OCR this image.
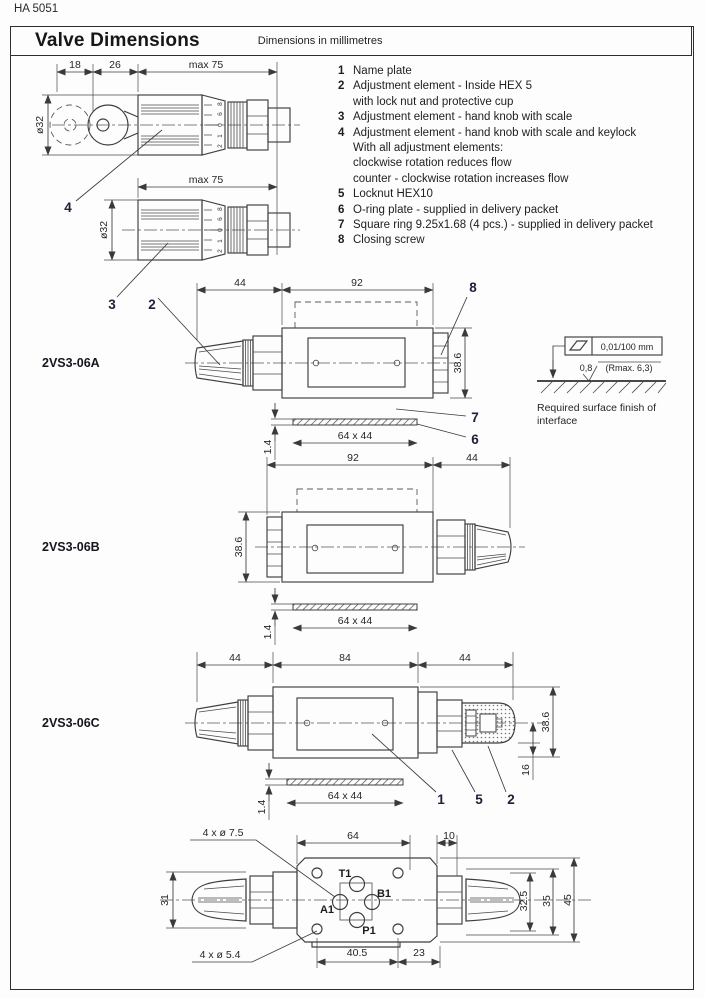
HA 5051
Valve Dimensions	Dimensions in millimetres
8
6
0
1
2
18	26	max 75
ø32
4	8
6
0
1
2
max 75
ø32
3
2VS3-06A
44	92
38.6
2
8
1.4
64 x 44
7
6
0,01/100 mm
0,8 (Rmax. 6,3)
Required surface finish of
interface
2VS3-06B
92	44
38.6
1.4
64 x 44
2VS3-06C
44	84	44
38.6
16
1 5 2
1.4
64 x 44
T1
B1
A1
P1
4 x ø 7.5
4 x ø 5.4
64	10
31	32.5 35 45
40.5	23
1 Name plate
2 Adjustment element - Inside HEX 5
with lock nut and protective cup
3 Adjustment element - hand knob with scale
4 Adjustment element - hand knob with scale and keylock
With all adjustment elements:
clockwise rotation reduces flow
counter - clockwise rotation increases flow
5 Locknut HEX10
6 O-ring plate - supplied in delivery packet
7 Square ring 9.25x1.68 (4 pcs.) - supplied in delivery packet
8 Closing screw
